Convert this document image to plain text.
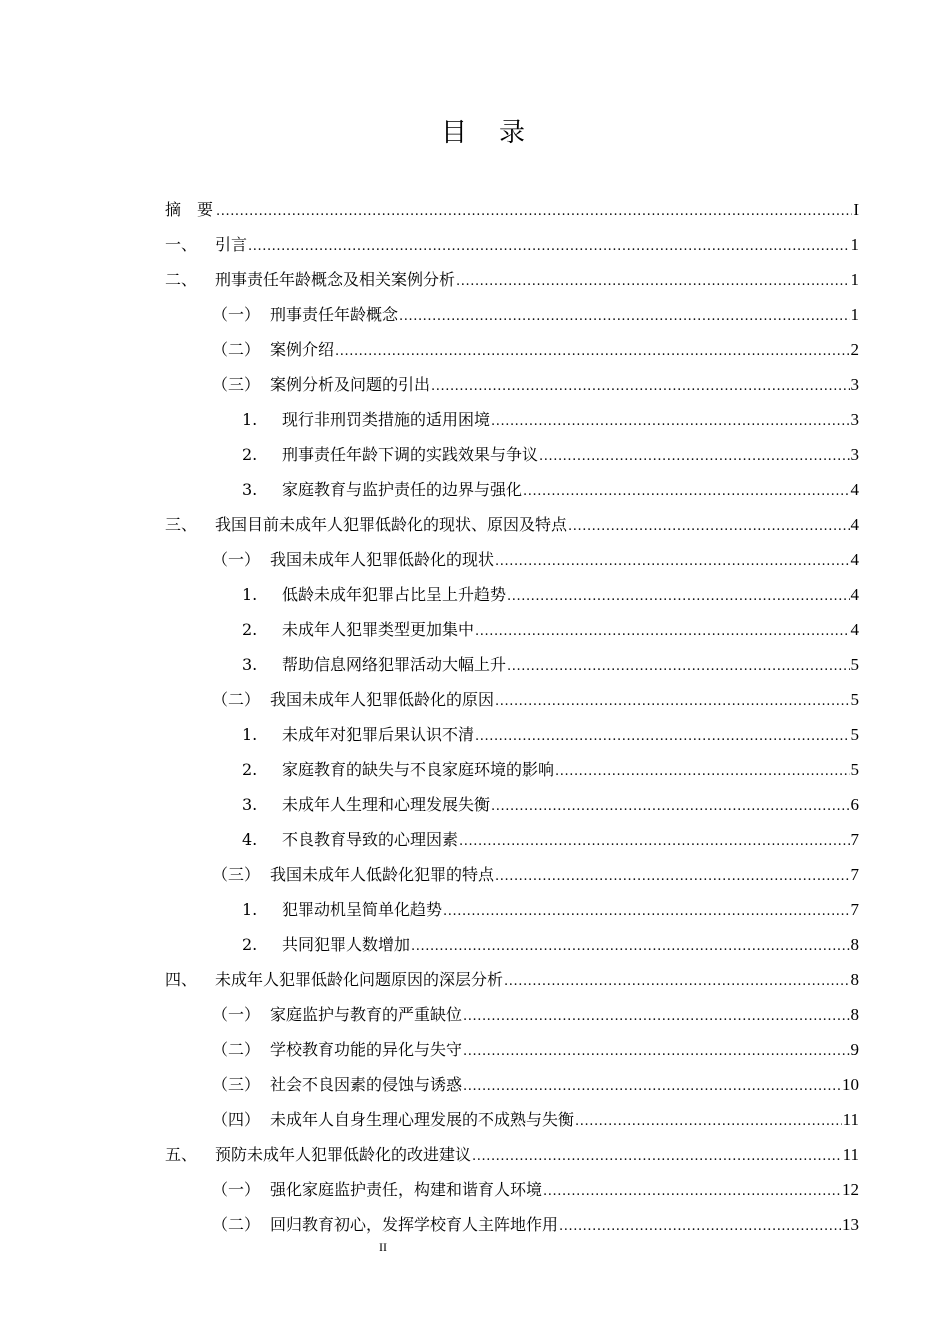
目录
摘　要 .....	I
一、	引言 .....	1
二、	刑事责任年龄概念及相关案例分析 .....	1
（一） 刑事责任年龄概念 .....	1
（二） 案例介绍 .....	2
（三） 案例分析及问题的引出 .....	3
1.	现行非刑罚类措施的适用困境 .....	3
2.	刑事责任年龄下调的实践效果与争议 .....	3
3.	家庭教育与监护责任的边界与强化 .....	4
三、	我国目前未成年人犯罪低龄化的现状、原因及特点 .....	4
（一） 我国未成年人犯罪低龄化的现状 .....	4
1.	低龄未成年犯罪占比呈上升趋势 .....	4
2.	未成年人犯罪类型更加集中 .....	4
3.	帮助信息网络犯罪活动大幅上升 .....	5
（二） 我国未成年人犯罪低龄化的原因 .....	5
1.	未成年对犯罪后果认识不清 .....	5
2.	家庭教育的缺失与不良家庭环境的影响 .....	5
3.	未成年人生理和心理发展失衡 .....	6
4.	不良教育导致的心理因素 .....	7
（三） 我国未成年人低龄化犯罪的特点 .....	7
1.	犯罪动机呈简单化趋势 .....	7
2.	共同犯罪人数增加 .....	8
四、	未成年人犯罪低龄化问题原因的深层分析 .....	8
（一） 家庭监护与教育的严重缺位 .....	8
（二） 学校教育功能的异化与失守 .....	9
（三） 社会不良因素的侵蚀与诱惑 .....	10
（四） 未成年人自身生理心理发展的不成熟与失衡 .....	11
五、	预防未成年人犯罪低龄化的改进建议 .....	11
（一） 强化家庭监护责任，构建和谐育人环境 .....	12
（二） 回归教育初心，发挥学校育人主阵地作用 .....	13
II
